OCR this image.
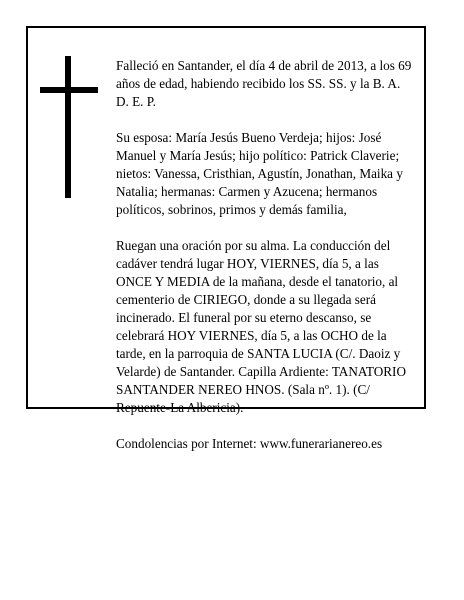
Falleció en Santander, el día 4 de abril de 2013, a los 69
años de edad, habiendo recibido los SS. SS. y la B. A.
D. E. P.

Su esposa: María Jesús Bueno Verdeja; hijos: José
Manuel y María Jesús; hijo político: Patrick Claverie;
nietos: Vanessa, Cristhian, Agustín, Jonathan, Maika y
Natalia; hermanas: Carmen y Azucena; hermanos
políticos, sobrinos, primos y demás familia,

Ruegan una oración por su alma. La conducción del
cadáver tendrá lugar HOY, VIERNES, día 5, a las
ONCE Y MEDIA de la mañana, desde el tanatorio, al
cementerio de CIRIEGO, donde a su llegada será
incinerado. El funeral por su eterno descanso, se
celebrará HOY VIERNES, día 5, a las OCHO de la
tarde, en la parroquia de SANTA LUCIA (C/. Daoiz y
Velarde) de Santander. Capilla Ardiente: TANATORIO
SANTANDER NEREO HNOS. (Sala nº. 1). (C/
Repuente-La Albericia).

Condolencias por Internet: www.funerarianereo.es
